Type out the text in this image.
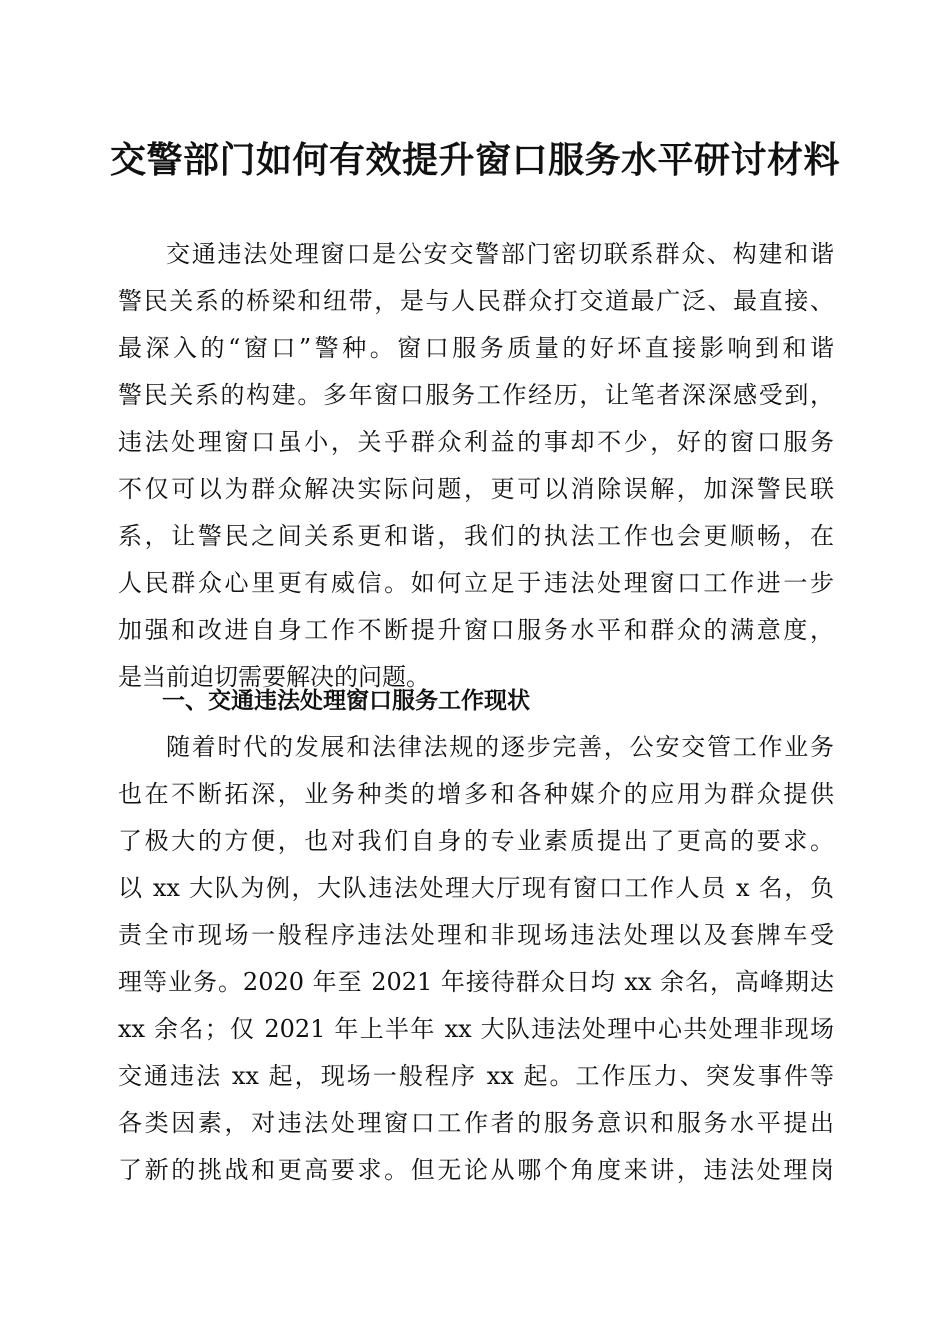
交警部门如何有效提升窗口服务水平研讨材料
交通违法处理窗口是公安交警部门密切联系群众、构建和谐
警民关系的桥梁和纽带，是与人民群众打交道最广泛、最直接、
最深入的“窗口”警种。窗口服务质量的好坏直接影响到和谐
警民关系的构建。多年窗口服务工作经历，让笔者深深感受到，
违法处理窗口虽小，关乎群众利益的事却不少，好的窗口服务
不仅可以为群众解决实际问题，更可以消除误解，加深警民联
系，让警民之间关系更和谐，我们的执法工作也会更顺畅，在
人民群众心里更有威信。如何立足于违法处理窗口工作进一步
加强和改进自身工作不断提升窗口服务水平和群众的满意度，
是当前迫切需要解决的问题。
一、交通违法处理窗口服务工作现状
随着时代的发展和法律法规的逐步完善，公安交管工作业务
也在不断拓深，业务种类的增多和各种媒介的应用为群众提供
了极大的方便，也对我们自身的专业素质提出了更高的要求。
以 xx 大队为例，大队违法处理大厅现有窗口工作人员 x 名，负
责全市现场一般程序违法处理和非现场违法处理以及套牌车受
理等业务。2020 年至 2021 年接待群众日均 xx 余名，高峰期达
xx 余名；仅 2021 年上半年 xx 大队违法处理中心共处理非现场
交通违法 xx 起，现场一般程序 xx 起。工作压力、突发事件等
各类因素，对违法处理窗口工作者的服务意识和服务水平提出
了新的挑战和更高要求。但无论从哪个角度来讲，违法处理岗
